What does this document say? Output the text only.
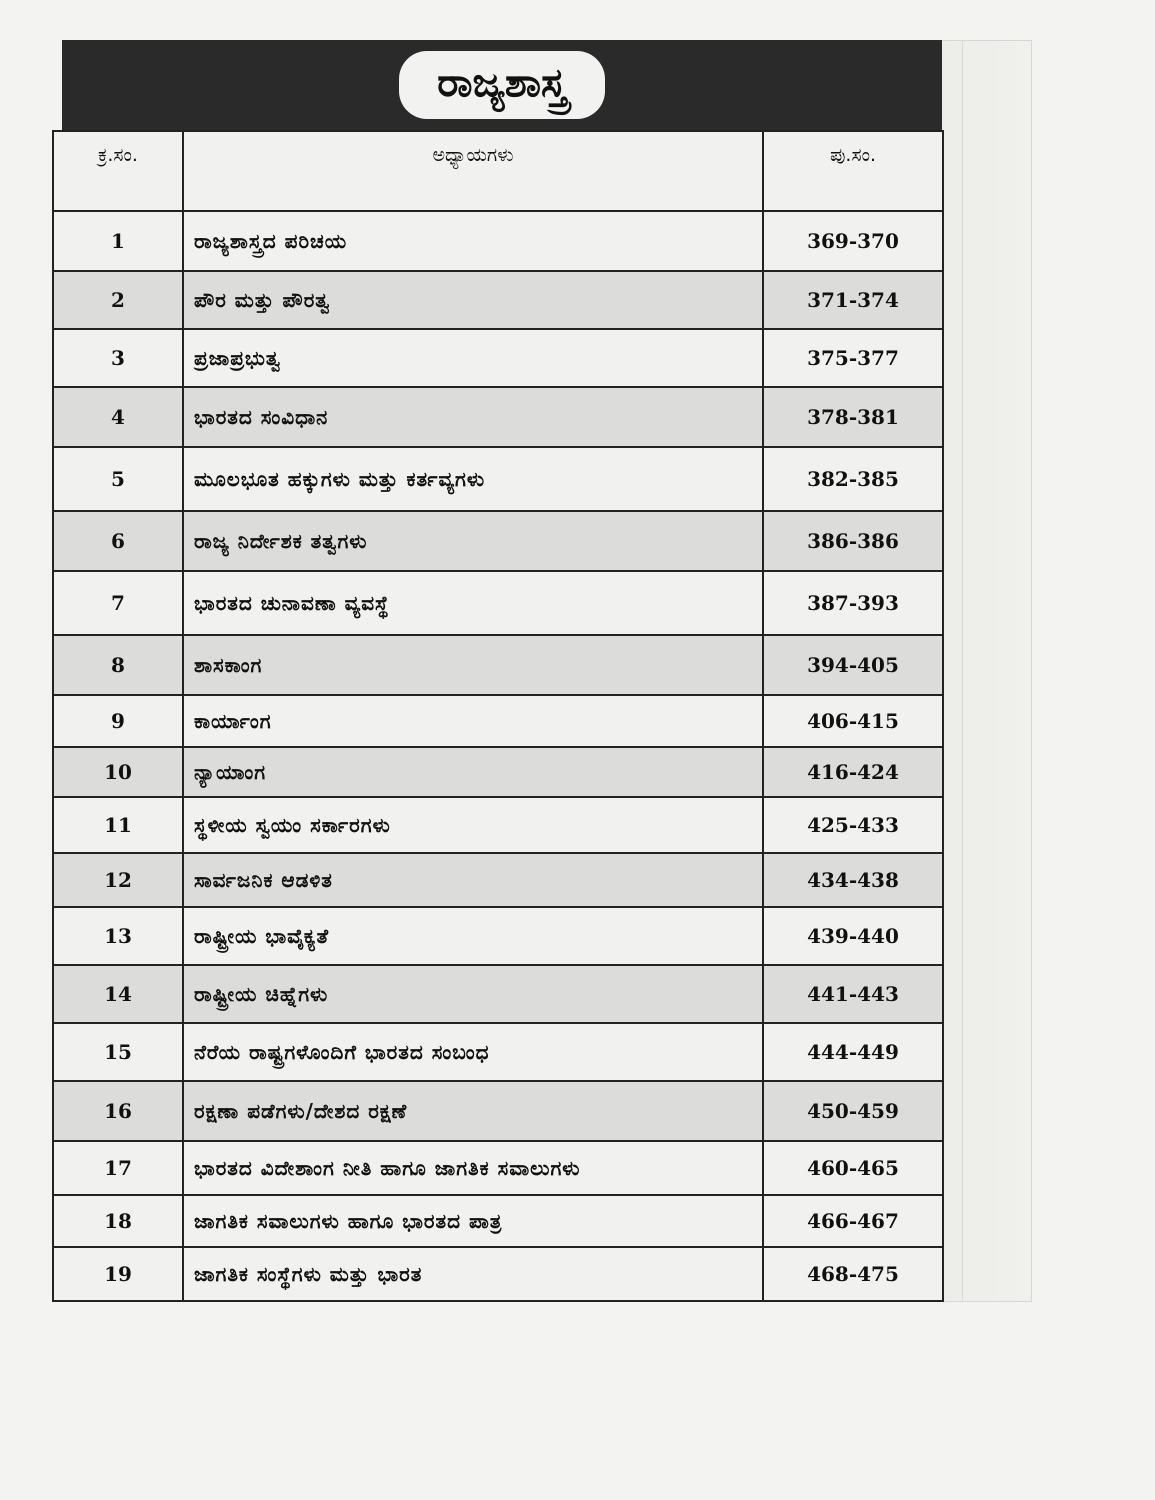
ರಾಜ್ಯಶಾಸ್ತ್ರ
ಕ್ರ.ಸಂ.	ಅಧ್ಯಾಯಗಳು	ಪು.ಸಂ.
1	ರಾಜ್ಯಶಾಸ್ತ್ರದ ಪರಿಚಯ	369-370
2	ಪೌರ ಮತ್ತು ಪೌರತ್ವ	371-374
3	ಪ್ರಜಾಪ್ರಭುತ್ವ	375-377
4	ಭಾರತದ ಸಂವಿಧಾನ	378-381
5	ಮೂಲಭೂತ ಹಕ್ಕುಗಳು ಮತ್ತು ಕರ್ತವ್ಯಗಳು	382-385
6	ರಾಜ್ಯ ನಿರ್ದೇಶಕ ತತ್ವಗಳು	386-386
7	ಭಾರತದ ಚುನಾವಣಾ ವ್ಯವಸ್ಥೆ	387-393
8	ಶಾಸಕಾಂಗ	394-405
9	ಕಾರ್ಯಾಂಗ	406-415
10	ನ್ಯಾಯಾಂಗ	416-424
11	ಸ್ಥಳೀಯ ಸ್ವಯಂ ಸರ್ಕಾರಗಳು	425-433
12	ಸಾರ್ವಜನಿಕ ಆಡಳಿತ	434-438
13	ರಾಷ್ಟ್ರೀಯ ಭಾವೈಕ್ಯತೆ	439-440
14	ರಾಷ್ಟ್ರೀಯ ಚಿಹ್ನೆಗಳು	441-443
15	ನೆರೆಯ ರಾಷ್ಟ್ರಗಳೊಂದಿಗೆ ಭಾರತದ ಸಂಬಂಧ	444-449
16	ರಕ್ಷಣಾ ಪಡೆಗಳು/ದೇಶದ ರಕ್ಷಣೆ	450-459
17	ಭಾರತದ ವಿದೇಶಾಂಗ ನೀತಿ ಹಾಗೂ ಜಾಗತಿಕ ಸವಾಲುಗಳು	460-465
18	ಜಾಗತಿಕ ಸವಾಲುಗಳು ಹಾಗೂ ಭಾರತದ ಪಾತ್ರ	466-467
19	ಜಾಗತಿಕ ಸಂಸ್ಥೆಗಳು ಮತ್ತು ಭಾರತ	468-475
